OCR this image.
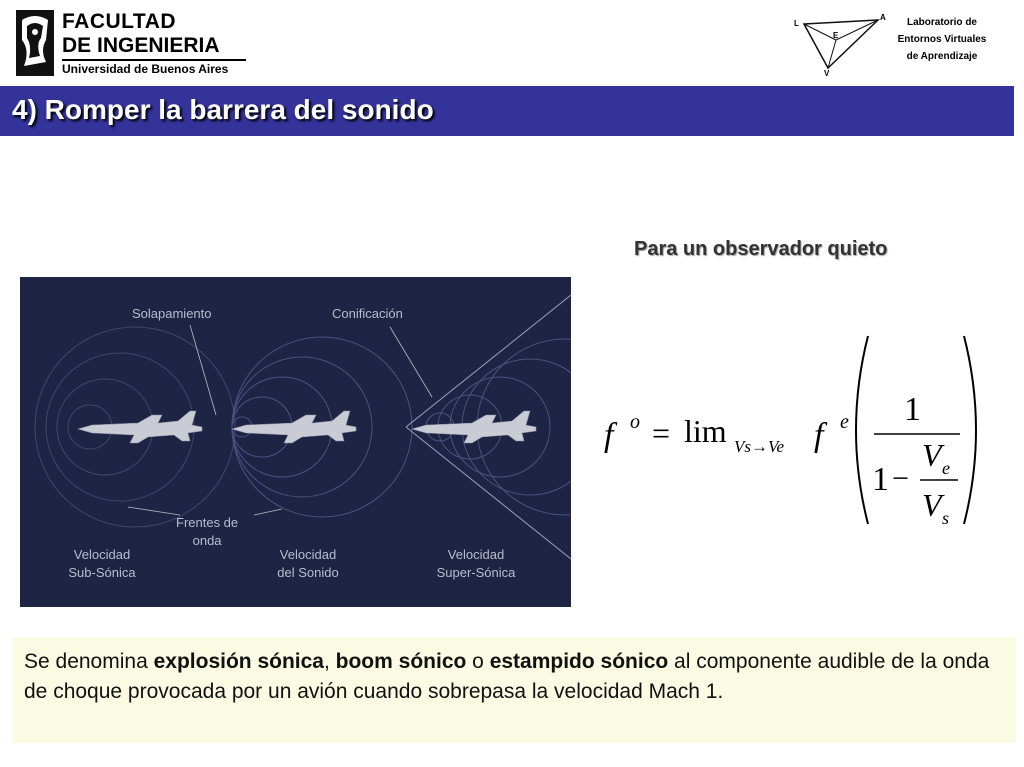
FACULTAD
DE INGENIERIA
Universidad de Buenos Aires
L
A
E
V
Laboratorio de
Entornos Virtuales
de Aprendizaje
4) Romper la barrera del sonido
Para un observador quieto
Solapamiento	Conificación
Frentes de
onda
Velocidad
Sub-Sónica
Velocidad
del Sonido
Velocidad
Super-Sónica
f o = lim Vs→Ve f e 1
1 −
V e
V s

Se denomina explosión sónica, boom sónico o estampido sónico al componente audible de la onda de choque provocada por un avión cuando sobrepasa la velocidad Mach 1.
